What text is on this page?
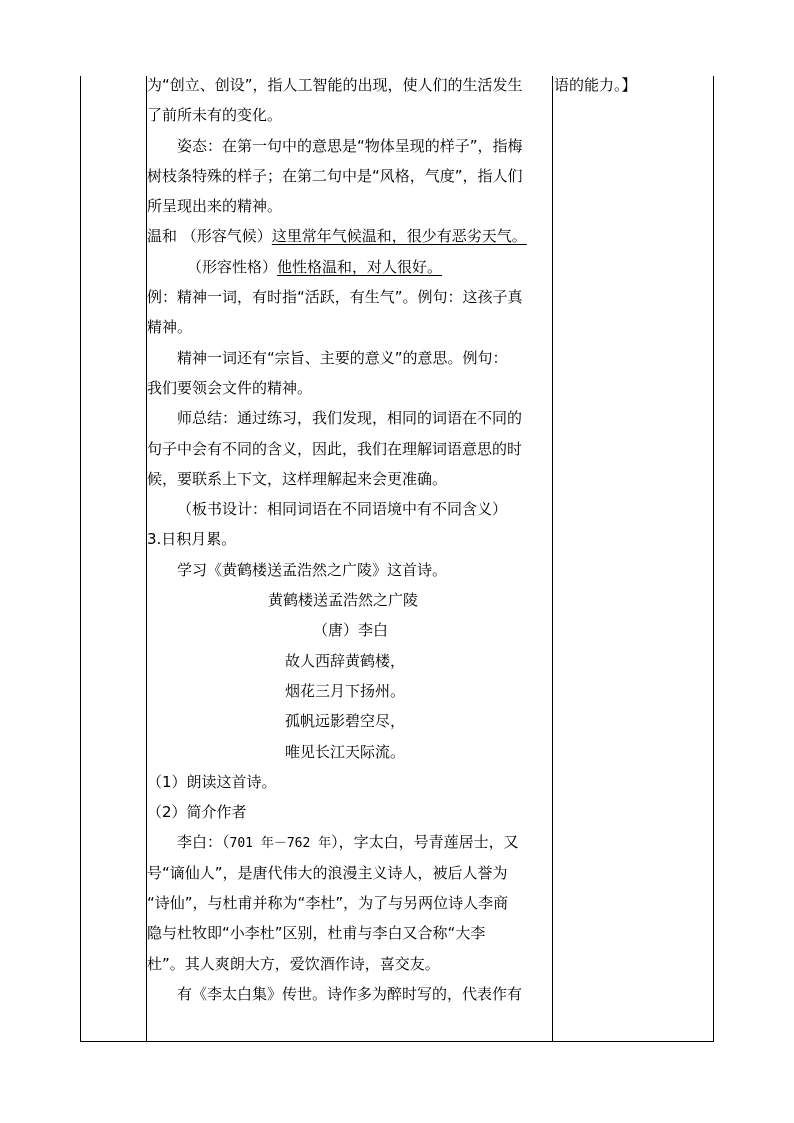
语的能力。】
为“创立、创设”，指人工智能的出现，使人们的生活发生
了前所未有的变化。
姿态：在第一句中的意思是“物体呈现的样子”，指梅
树枝条特殊的样子；在第二句中是“风格，气度”，指人们
所呈现出来的精神。
温和 （形容气候）这里常年气候温和，很少有恶劣天气。
（形容性格）他性格温和，对人很好。
例：精神一词，有时指“活跃，有生气”。例句：这孩子真
精神。
精神一词还有“宗旨、主要的意义”的意思。例句：
我们要领会文件的精神。
师总结：通过练习，我们发现，相同的词语在不同的
句子中会有不同的含义，因此，我们在理解词语意思的时
候，要联系上下文，这样理解起来会更准确。
（板书设计：相同词语在不同语境中有不同含义）
3.日积月累。
学习《黄鹤楼送孟浩然之广陵》这首诗。
黄鹤楼送孟浩然之广陵
（唐）李白
故人西辞黄鹤楼，
烟花三月下扬州。
孤帆远影碧空尽，
唯见长江天际流。
（1）朗读这首诗。
（2）简介作者
李白：（701 年－762 年），字太白，号青莲居士，又
号“谪仙人”，是唐代伟大的浪漫主义诗人，被后人誉为
“诗仙”，与杜甫并称为“李杜”，为了与另两位诗人李商
隐与杜牧即“小李杜”区别，杜甫与李白又合称“大李
杜”。其人爽朗大方，爱饮酒作诗，喜交友。
有《李太白集》传世。诗作多为醉时写的，代表作有
